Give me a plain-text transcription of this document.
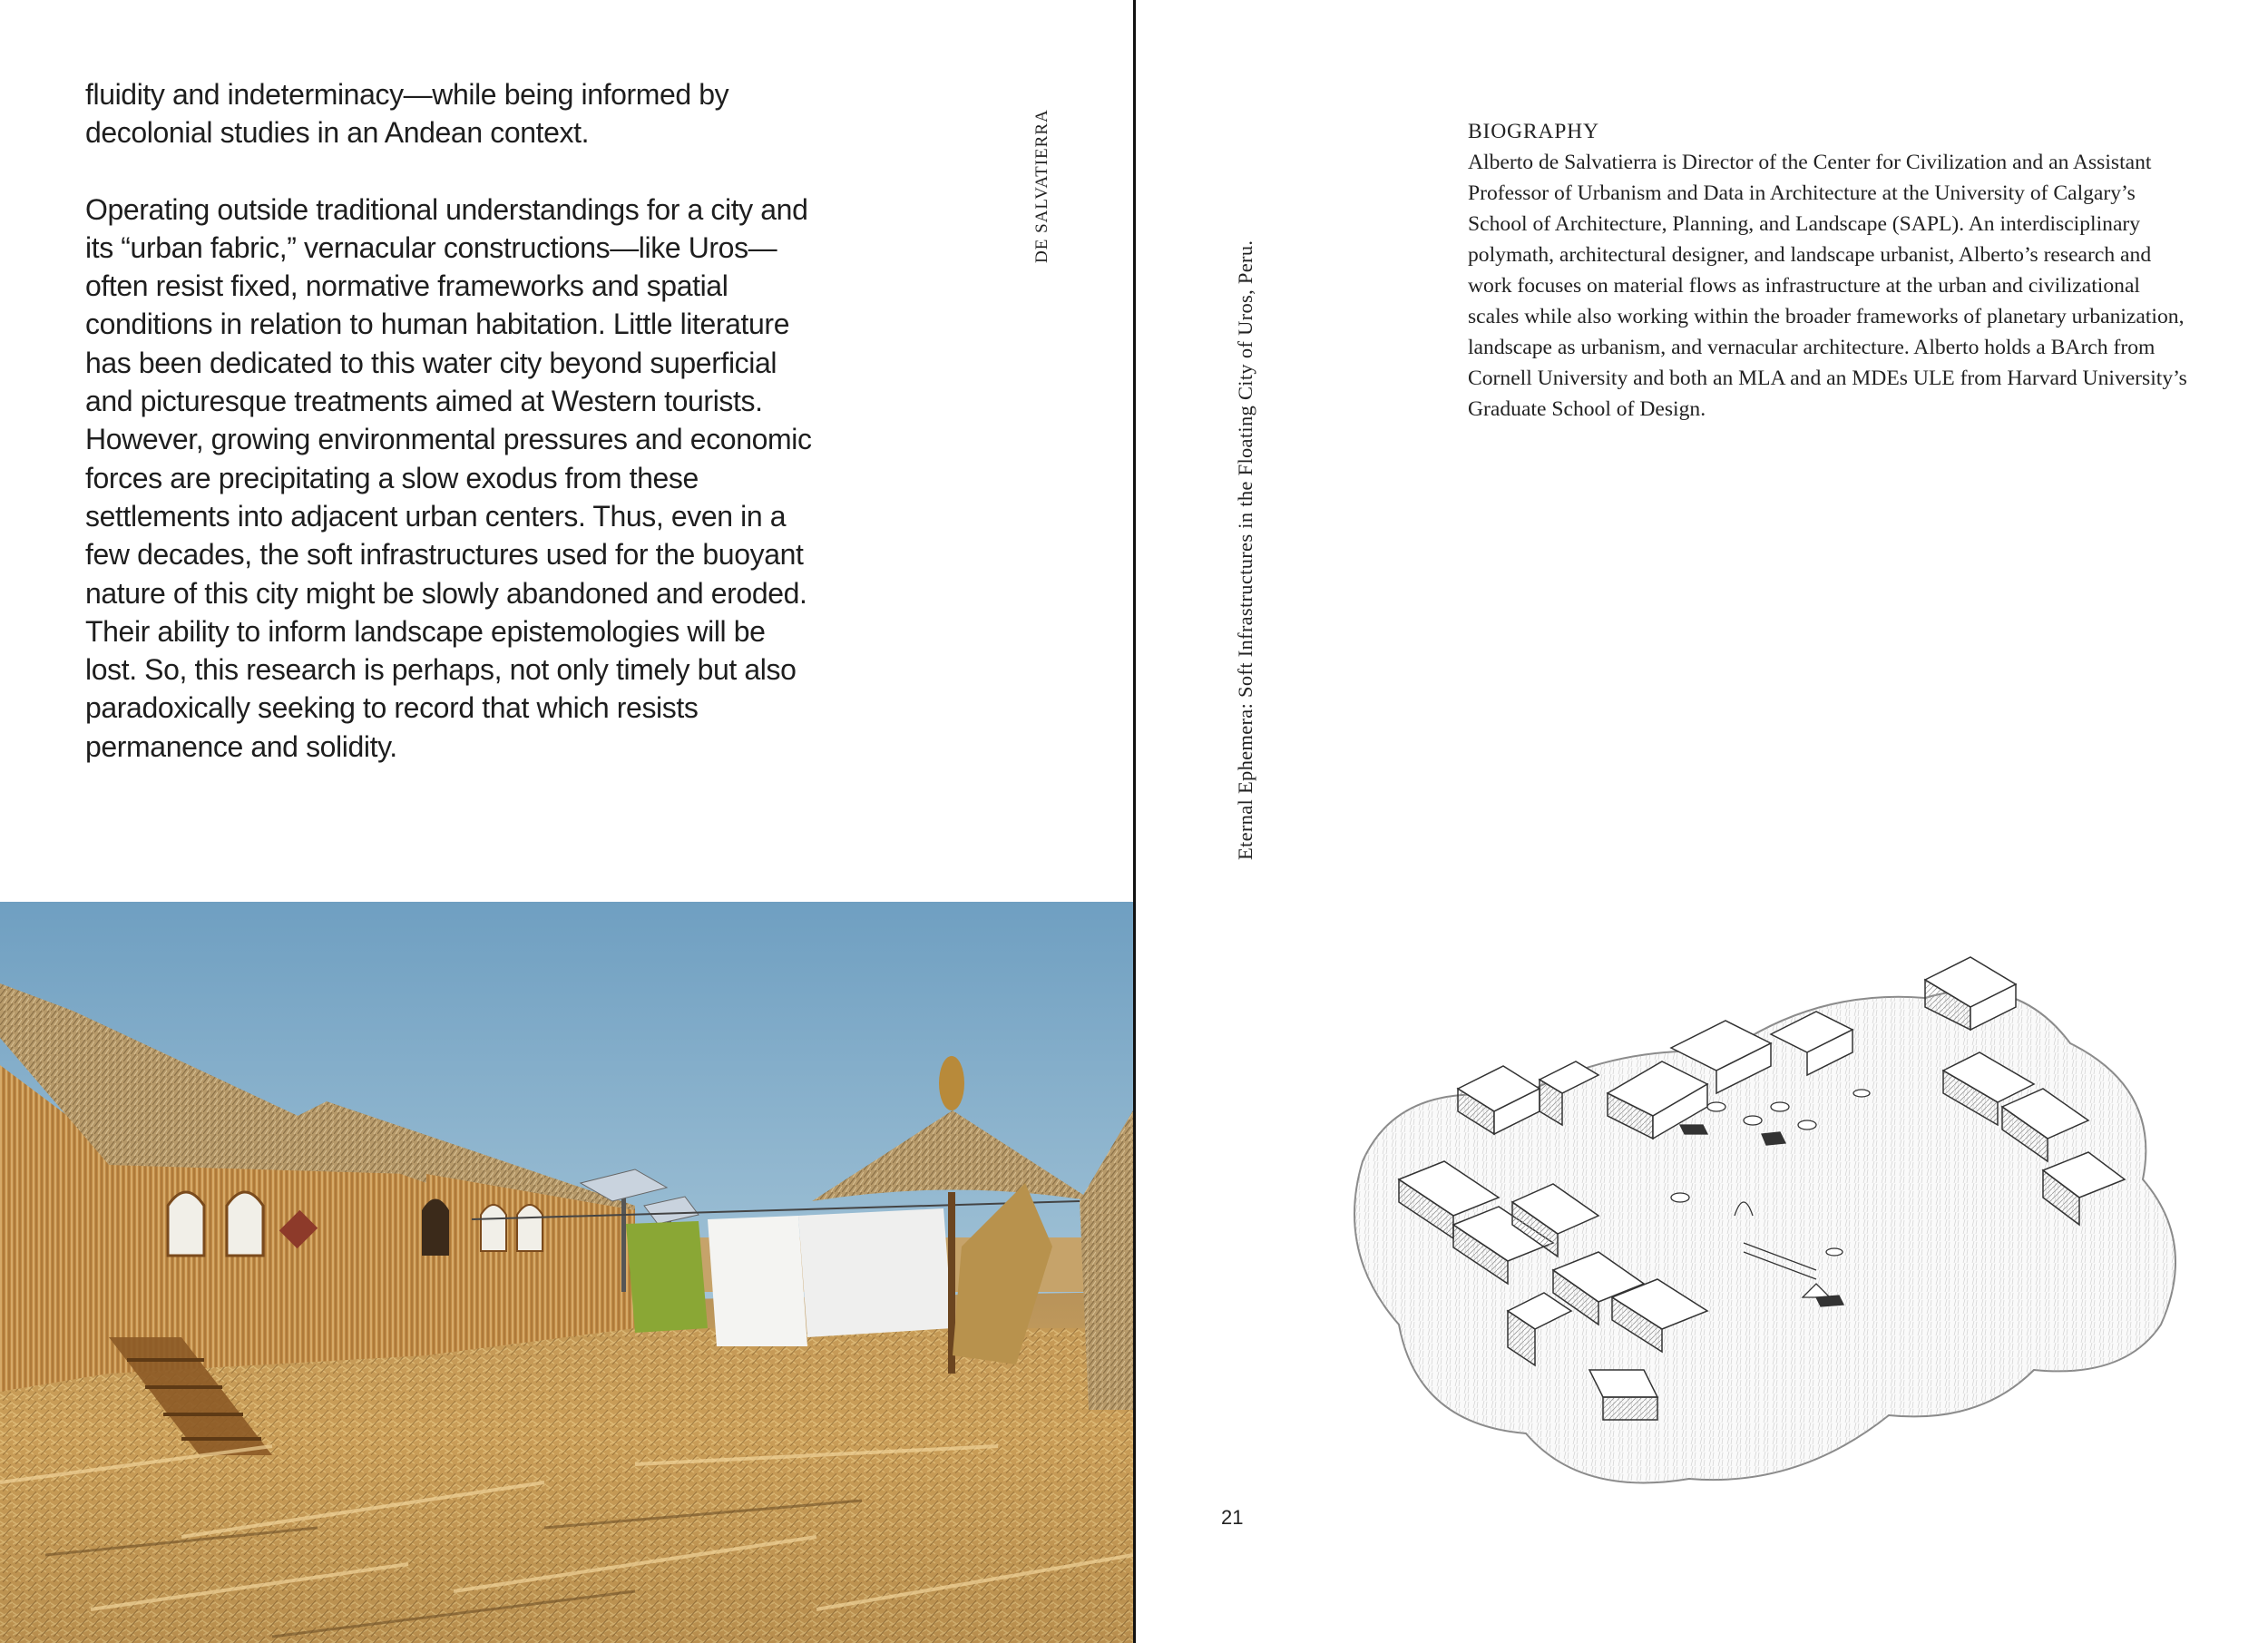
fluidity and indeterminacy—while being informed by decolonial studies in an Andean context.

Operating outside traditional understandings for a city and its “urban fabric,” vernacular constructions—like Uros—often resist fixed, normative frameworks and spatial conditions in relation to human habitation. Little literature has been dedicated to this water city beyond superficial and picturesque treatments aimed at Western tourists. However, growing environmental pressures and economic forces are precipitating a slow exodus from these settlements into adjacent urban centers. Thus, even in a few decades, the soft infrastructures used for the buoyant nature of this city might be slowly abandoned and eroded. Their ability to inform landscape epistemologies will be lost. So, this research is perhaps, not only timely but also paradoxically seeking to record that which resists permanence and solidity.

DE SALVATIERRA
Eternal Ephemera: Soft Infrastructures in the Floating City of Uros, Peru.
BIOGRAPHY
Alberto de Salvatierra is Director of the Center for Civilization and an Assistant Professor of Urbanism and Data in Architecture at the University of Calgary’s School of Architecture, Planning, and Landscape (SAPL). An interdisciplinary polymath, architectural designer, and landscape urbanist, Alberto’s research and work focuses on material flows as infrastructure at the urban and civilizational scales while also working within the broader frameworks of planetary urbanization, landscape as urbanism, and vernacular architecture. Alberto holds a BArch from Cornell University and both an MLA and an MDEs ULE from Harvard University’s Graduate School of Design.
21
